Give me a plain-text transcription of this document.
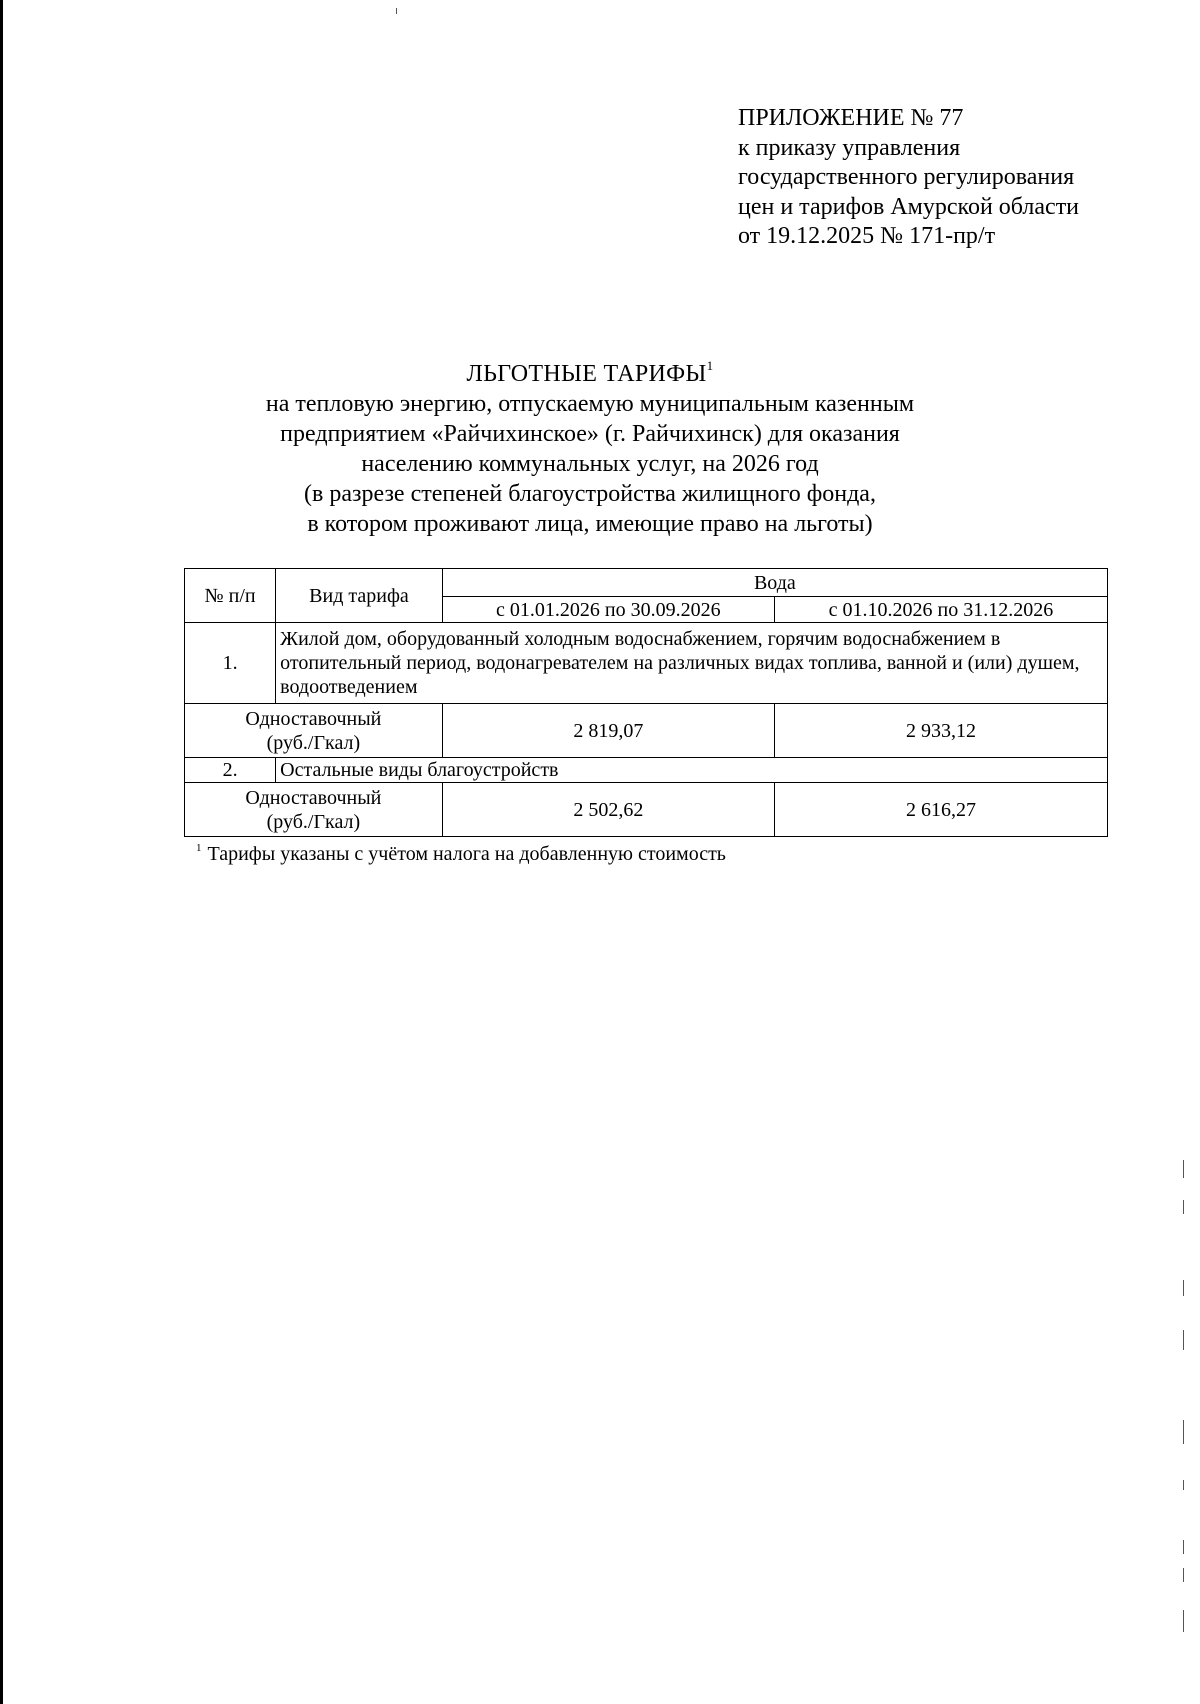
ПРИЛОЖЕНИЕ № 77
к приказу управления
государственного регулирования
цен и тарифов Амурской области
от 19.12.2025 № 171-пр/т
ЛЬГОТНЫЕ ТАРИФЫ$^1$
на тепловую энергию, отпускаемую муниципальным казенным
предприятием «Райчихинское» (г. Райчихинск) для оказания
населению коммунальных услуг, на 2026 год
(в разрезе степеней благоустройства жилищного фонда,
в котором проживают лица, имеющие право на льготы)
№ п/п	Вид тарифа	Вода	
		с 01.01.2026 по 30.09.2026	с 01.10.2026 по 31.12.2026
1.	Жилой дом, оборудованный холодным водоснабжением, горячим водоснабжением в отопительный период, водонагревателем на различных видах топлива, ванной и (или) душем, водоотведением		

Одноставочный
(руб./Гкал)		2 819,07	2 933,12
2.	Остальные виды благоустройств		

Одноставочный
(руб./Гкал)		2 502,62	2 616,27
$^1$ Тарифы указаны с учётом налога на добавленную стоимость
